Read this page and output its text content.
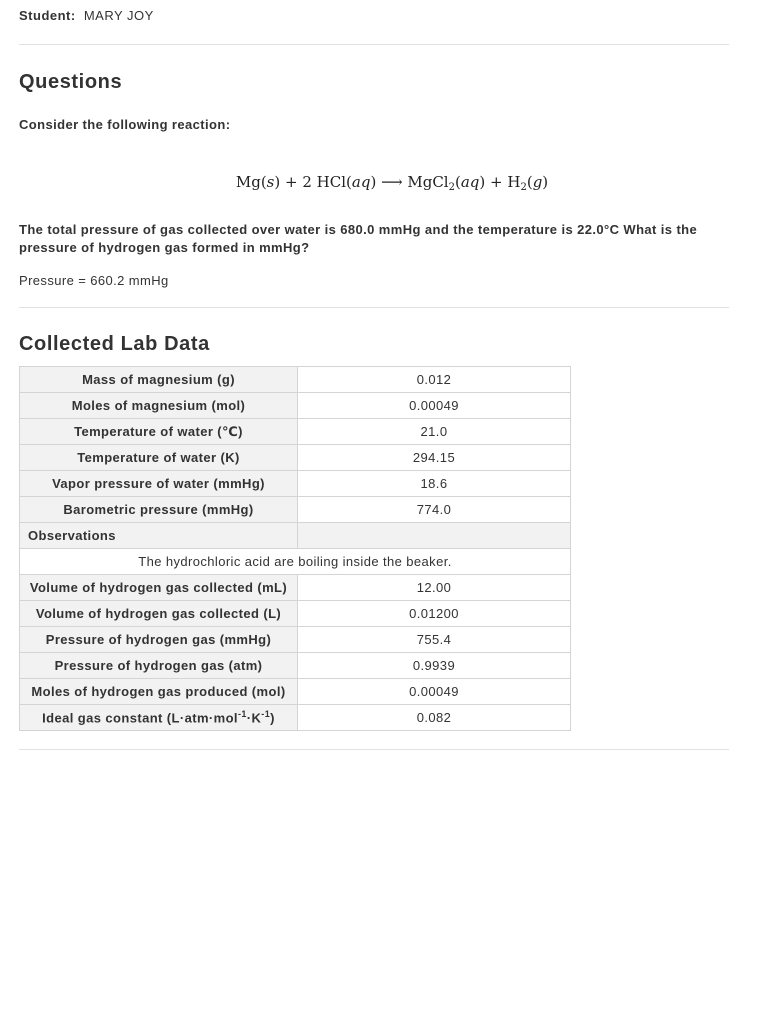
Student: MARY JOY
Questions
Consider the following reaction:
Mg(s) + 2 HCl(aq) ⟶ MgCl$_2$(aq) + $H_2(g)$
The total pressure of gas collected over water is 680.0 mmHg and the temperature is 22.0°C What is the pressure of hydrogen gas formed in mmHg?
Pressure = 660.2 mmHg
Collected Lab Data
Mass of magnesium (g)	0.012
Moles of magnesium (mol)	0.00049
Temperature of water (℃)	21.0
Temperature of water (K)	294.15
Vapor pressure of water (mmHg)	18.6
Barometric pressure (mmHg)	774.0
Observations	
The hydrochloric acid are boiling inside the beaker.	
Volume of hydrogen gas collected (mL)	12.00
Volume of hydrogen gas collected (L)	0.01200
Pressure of hydrogen gas (mmHg)	755.4
Pressure of hydrogen gas (atm)	0.9939
Moles of hydrogen gas produced (mol)	0.00049
Ideal gas constant $(L\cdot atm\cdot mol^{-1}\cdot K^{-1})$	0.082
